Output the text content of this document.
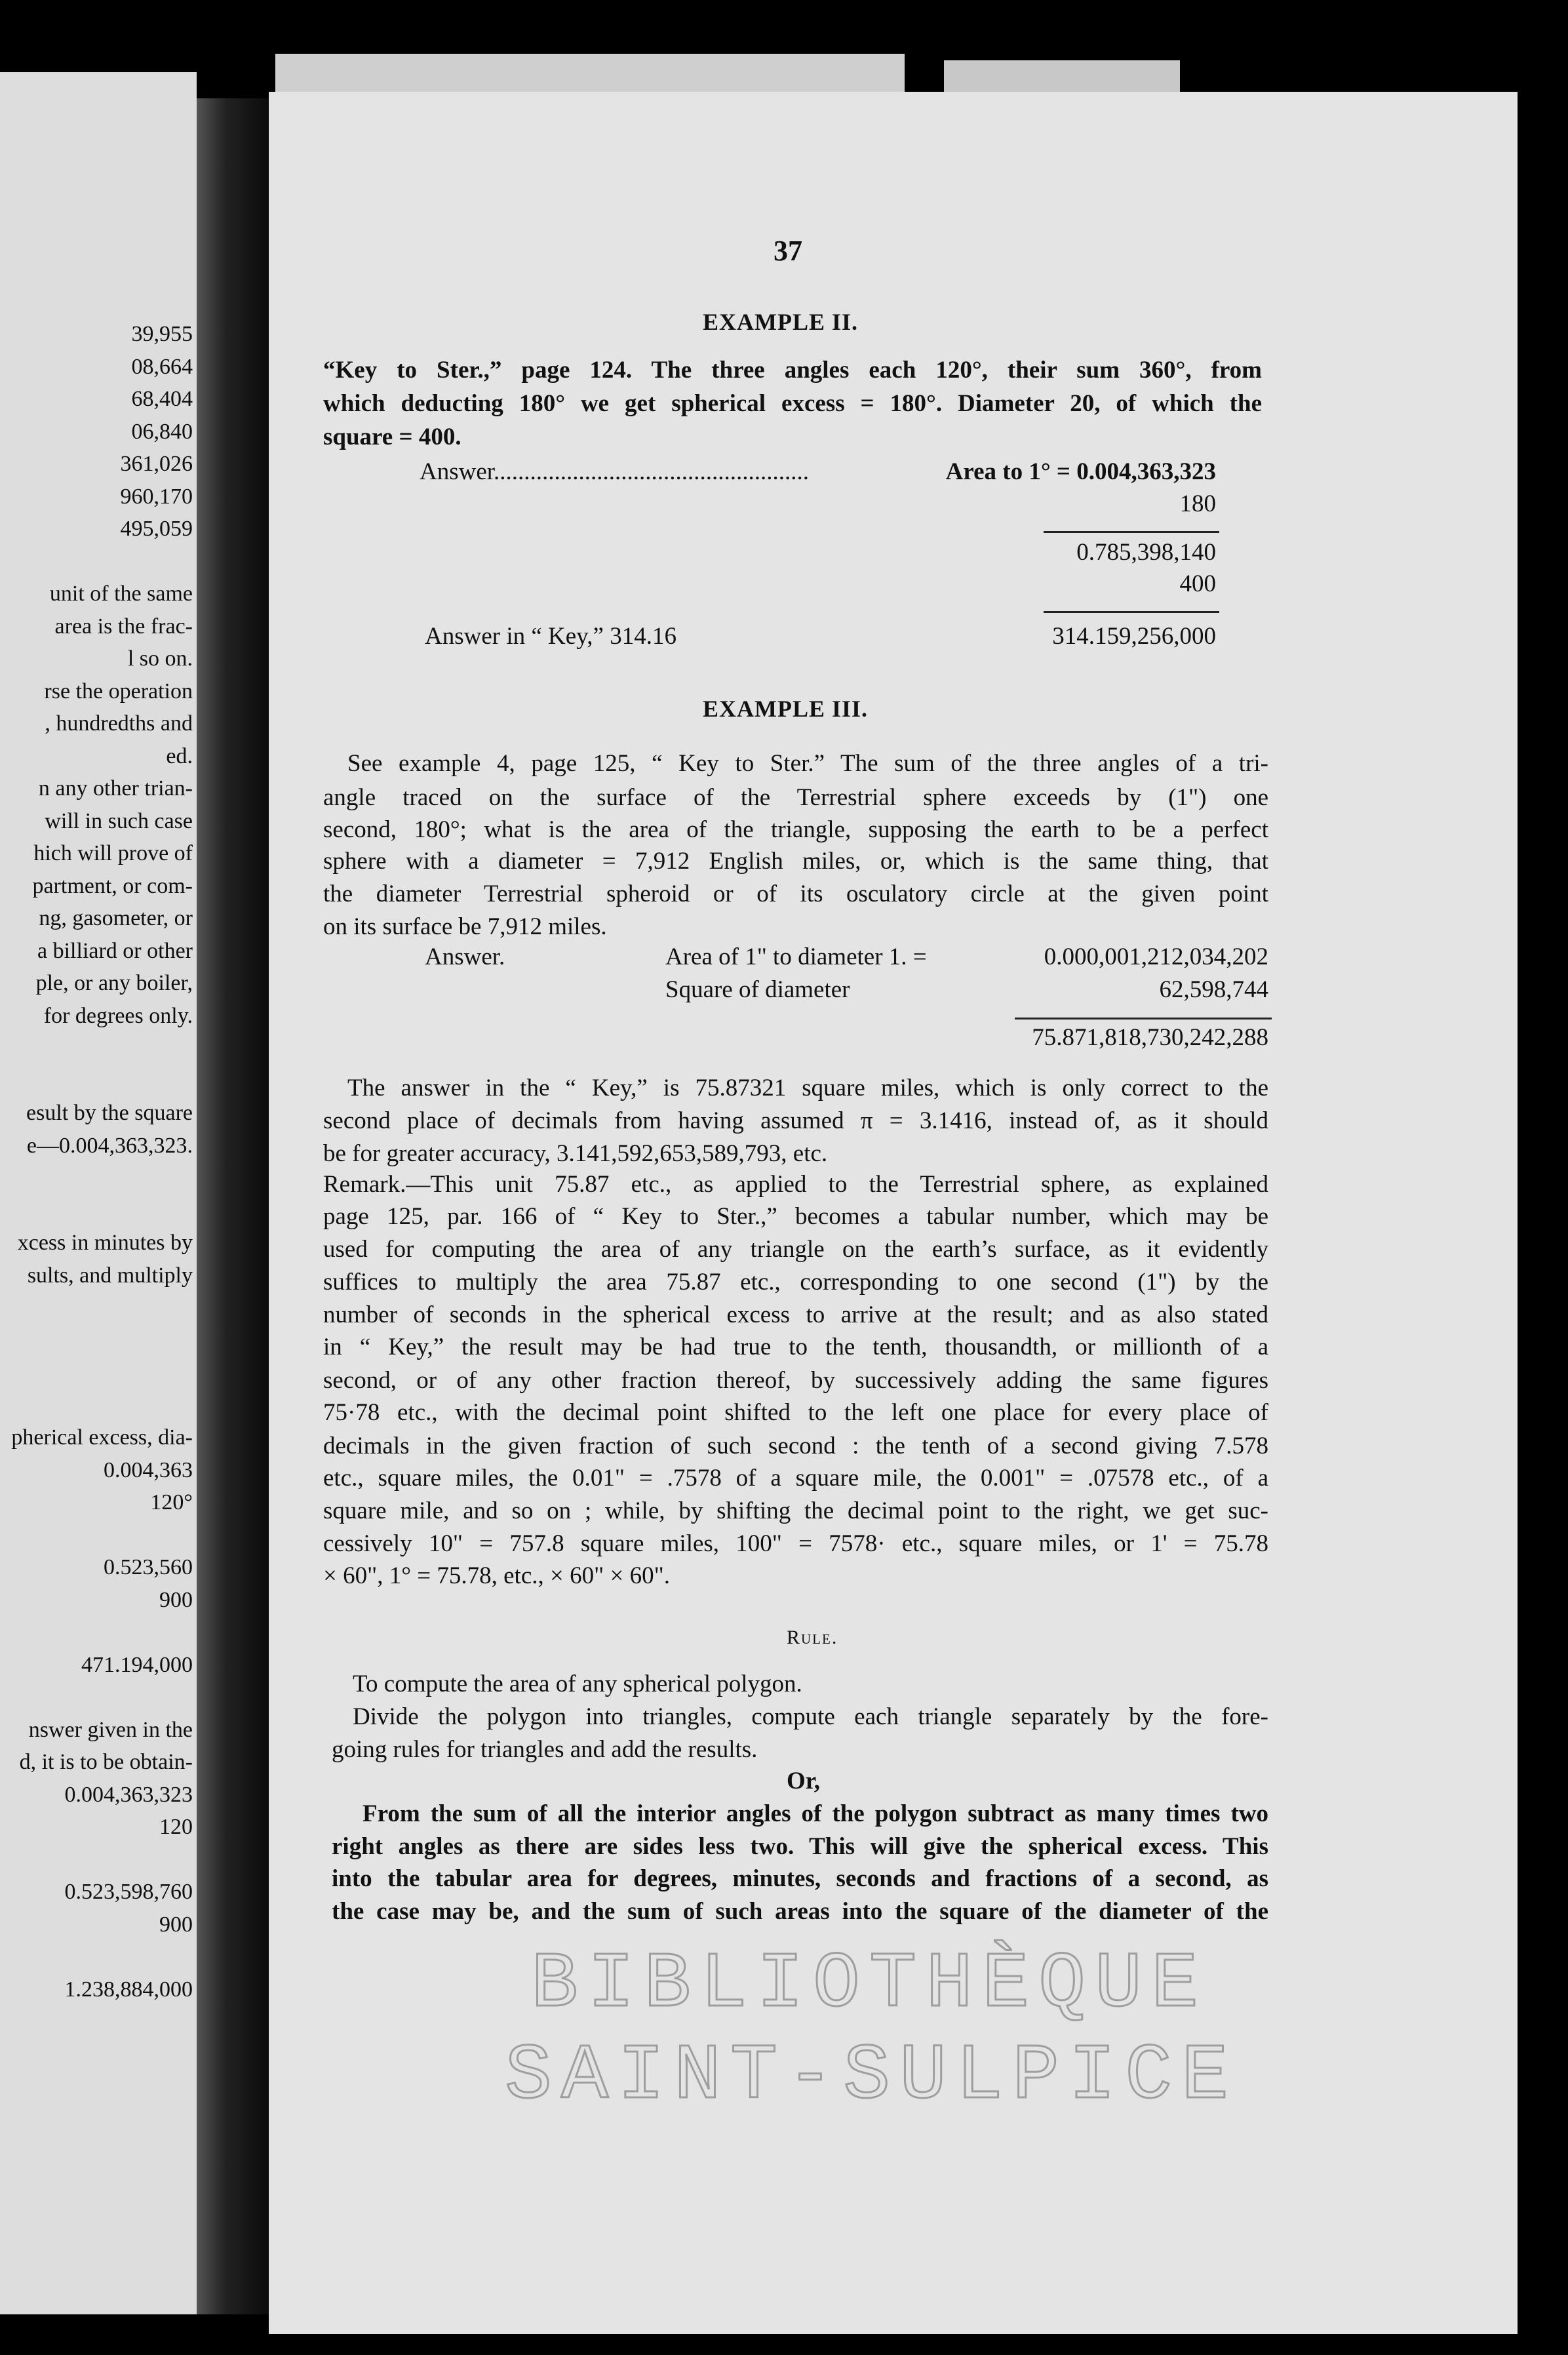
39,955
08,664
68,404
06,840
361,026
960,170
495,059
unit of the same
area is the frac-
l so on.
rse the operation
, hundredths and
ed.
n any other trian-
will in such case
hich will prove of
partment, or com-
ng, gasometer, or
a billiard or other
ple, or any boiler,
for degrees only.
esult by the square
e—0.004,363,323.
xcess in minutes by
sults, and multiply
pherical excess, dia-
0.004,363
120°
0.523,560
900
471.194,000
nswer given in the
d, it is to be obtain-
0.004,363,323
120
0.523,598,760
900
1.238,884,000
37
EXAMPLE II.
“Key to Ster.,” page 124. The three angles each 120°, their sum 360°, from
which deducting 180° we get spherical excess = 180°. Diameter 20, of which the
square = 400.
Answer....................................................	Area to 1° = 0.004,363,323
180
0.785,398,140
400
Answer in “ Key,” 314.16	314.159,256,000
EXAMPLE III.
See example 4, page 125, “ Key to Ster.” The sum of the three angles of a tri-
angle traced on the surface of the Terrestrial sphere exceeds by (1") one
second, 180°; what is the area of the triangle, supposing the earth to be a perfect
sphere with a diameter = 7,912 English miles, or, which is the same thing, that
the diameter Terrestrial spheroid or of its osculatory circle at the given point
on its surface be 7,912 miles.
Answer.	Area of 1" to diameter 1. =	0.000,001,212,034,202
Square of diameter	62,598,744
75.871,818,730,242,288
The answer in the “ Key,” is 75.87321 square miles, which is only correct to the
second place of decimals from having assumed π = 3.1416, instead of, as it should
be for greater accuracy, 3.141,592,653,589,793, etc.
Remark.—This unit 75.87 etc., as applied to the Terrestrial sphere, as explained
page 125, par. 166 of “ Key to Ster.,” becomes a tabular number, which may be
used for computing the area of any triangle on the earth’s surface, as it evidently
suffices to multiply the area 75.87 etc., corresponding to one second (1") by the
number of seconds in the spherical excess to arrive at the result; and as also stated
in “ Key,” the result may be had true to the tenth, thousandth, or millionth of a
second, or of any other fraction thereof, by successively adding the same figures
75·78 etc., with the decimal point shifted to the left one place for every place of
decimals in the given fraction of such second : the tenth of a second giving 7.578
etc., square miles, the 0.01" = .7578 of a square mile, the 0.001" = .07578 etc., of a
square mile, and so on ; while, by shifting the decimal point to the right, we get suc-
cessively 10" = 757.8 square miles, 100" = 7578· etc., square miles, or 1' = 75.78
× 60", 1° = 75.78, etc., × 60" × 60".
Rule.
To compute the area of any spherical polygon.
Divide the polygon into triangles, compute each triangle separately by the fore-
going rules for triangles and add the results.
Or,
From the sum of all the interior angles of the polygon subtract as many times two
right angles as there are sides less two. This will give the spherical excess. This
into the tabular area for degrees, minutes, seconds and fractions of a second, as
the case may be, and the sum of such areas into the square of the diameter of the
BIBLIOTHÈQUE
SAINT-SULPICE
